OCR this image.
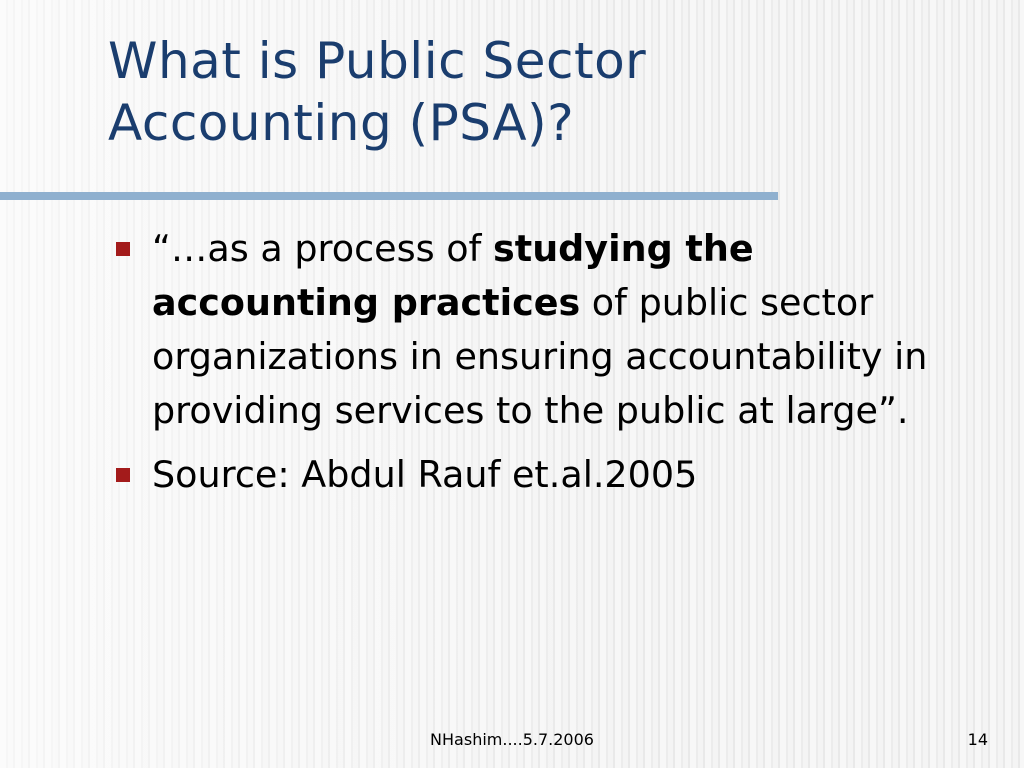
What is Public Sector
Accounting (PSA)?
“…as a process of studying the accounting practices of public sector organizations in ensuring accountability in providing services to the public at large”.
Source: Abdul Rauf et.al.2005
NHashim....5.7.2006	14
